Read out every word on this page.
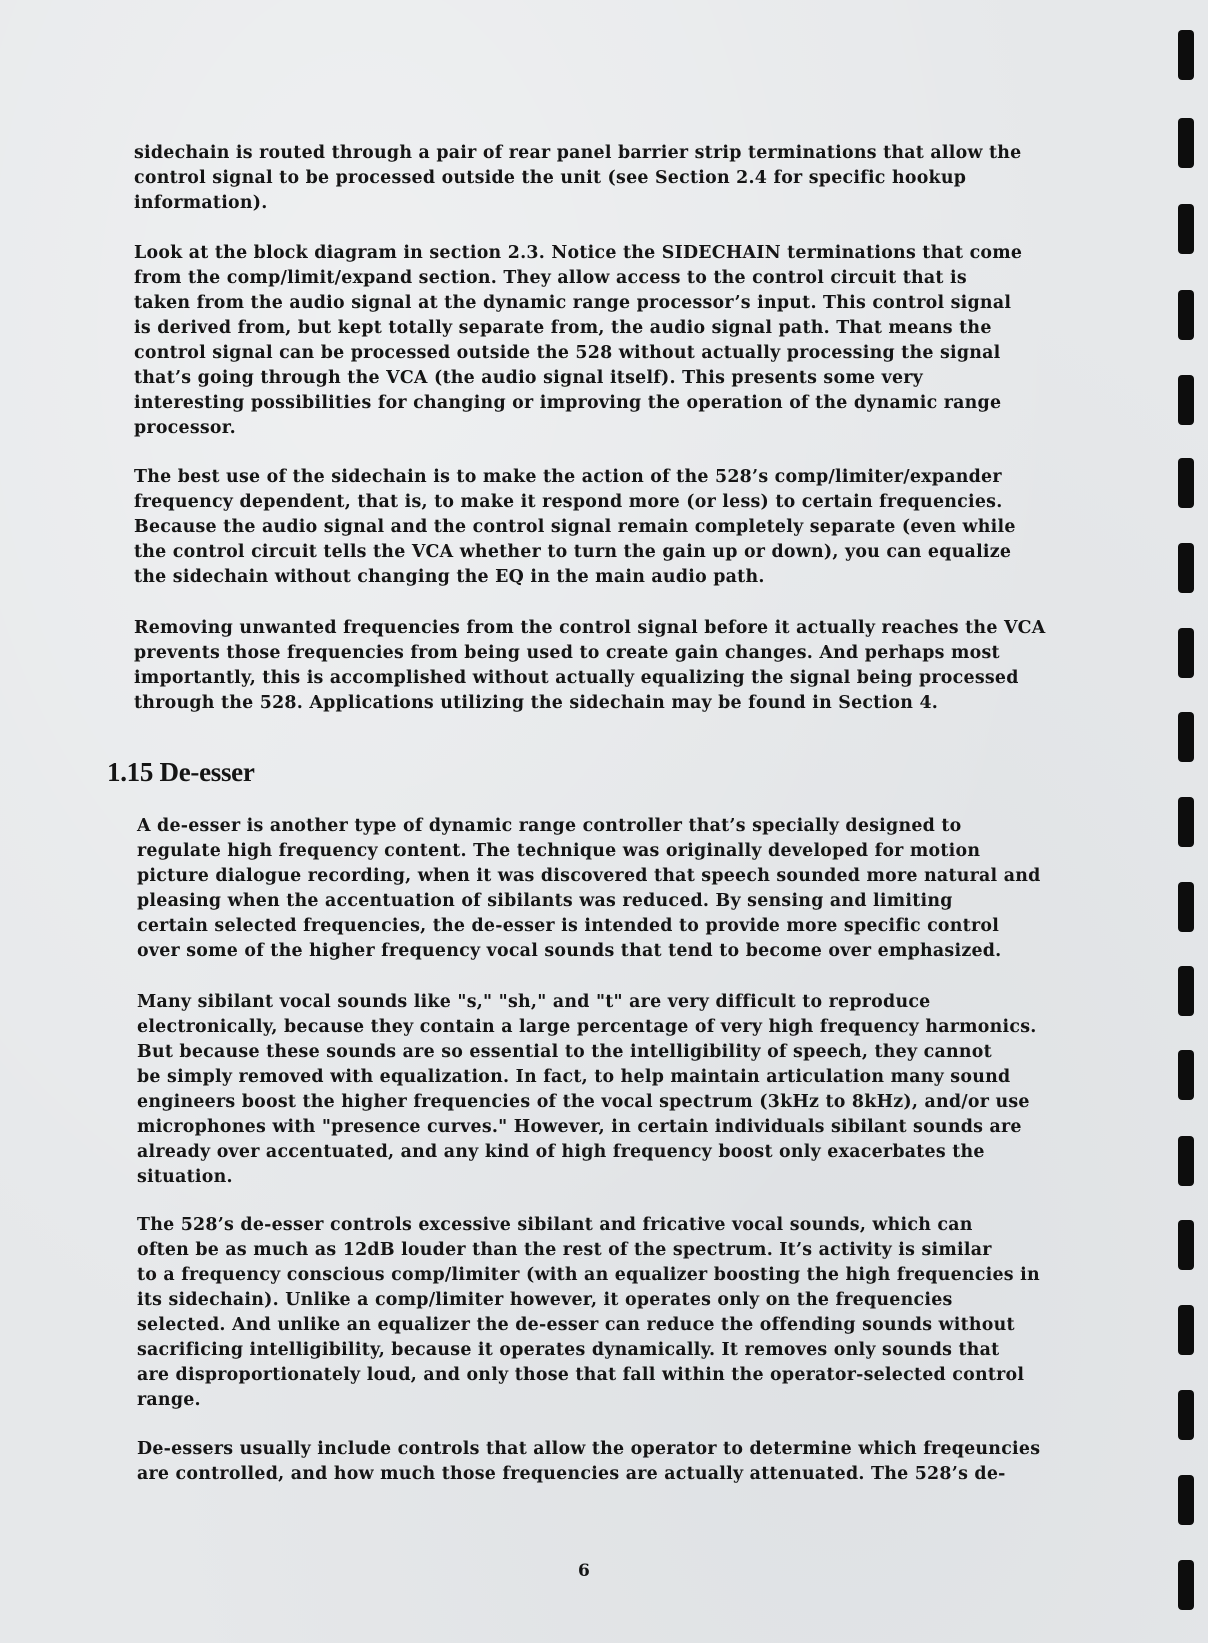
sidechain is routed through a pair of rear panel barrier strip terminations that allow the
control signal to be processed outside the unit (see Section 2.4 for specific hookup
information).

Look at the block diagram in section 2.3. Notice the SIDECHAIN terminations that come
from the comp/limit/expand section. They allow access to the control circuit that is
taken from the audio signal at the dynamic range processor’s input. This control signal
is derived from, but kept totally separate from, the audio signal path. That means the
control signal can be processed outside the 528 without actually processing the signal
that’s going through the VCA (the audio signal itself). This presents some very
interesting possibilities for changing or improving the operation of the dynamic range
processor.

The best use of the sidechain is to make the action of the 528’s comp/limiter/expander
frequency dependent, that is, to make it respond more (or less) to certain frequencies.
Because the audio signal and the control signal remain completely separate (even while
the control circuit tells the VCA whether to turn the gain up or down), you can equalize
the sidechain without changing the EQ in the main audio path.

Removing unwanted frequencies from the control signal before it actually reaches the VCA
prevents those frequencies from being used to create gain changes. And perhaps most
importantly, this is accomplished without actually equalizing the signal being processed
through the 528. Applications utilizing the sidechain may be found in Section 4.

1.15 De-esser

A de-esser is another type of dynamic range controller that’s specially designed to
regulate high frequency content. The technique was originally developed for motion
picture dialogue recording, when it was discovered that speech sounded more natural and
pleasing when the accentuation of sibilants was reduced. By sensing and limiting
certain selected frequencies, the de-esser is intended to provide more specific control
over some of the higher frequency vocal sounds that tend to become over emphasized.

Many sibilant vocal sounds like "s," "sh," and "t" are very difficult to reproduce
electronically, because they contain a large percentage of very high frequency harmonics.
But because these sounds are so essential to the intelligibility of speech, they cannot
be simply removed with equalization. In fact, to help maintain articulation many sound
engineers boost the higher frequencies of the vocal spectrum (3kHz to 8kHz), and/or use
microphones with "presence curves." However, in certain individuals sibilant sounds are
already over accentuated, and any kind of high frequency boost only exacerbates the
situation.

The 528’s de-esser controls excessive sibilant and fricative vocal sounds, which can
often be as much as 12dB louder than the rest of the spectrum. It’s activity is similar
to a frequency conscious comp/limiter (with an equalizer boosting the high frequencies in
its sidechain). Unlike a comp/limiter however, it operates only on the frequencies
selected. And unlike an equalizer the de-esser can reduce the offending sounds without
sacrificing intelligibility, because it operates dynamically. It removes only sounds that
are disproportionately loud, and only those that fall within the operator-selected control
range.

De-essers usually include controls that allow the operator to determine which freqeuncies
are controlled, and how much those frequencies are actually attenuated. The 528’s de-

6
